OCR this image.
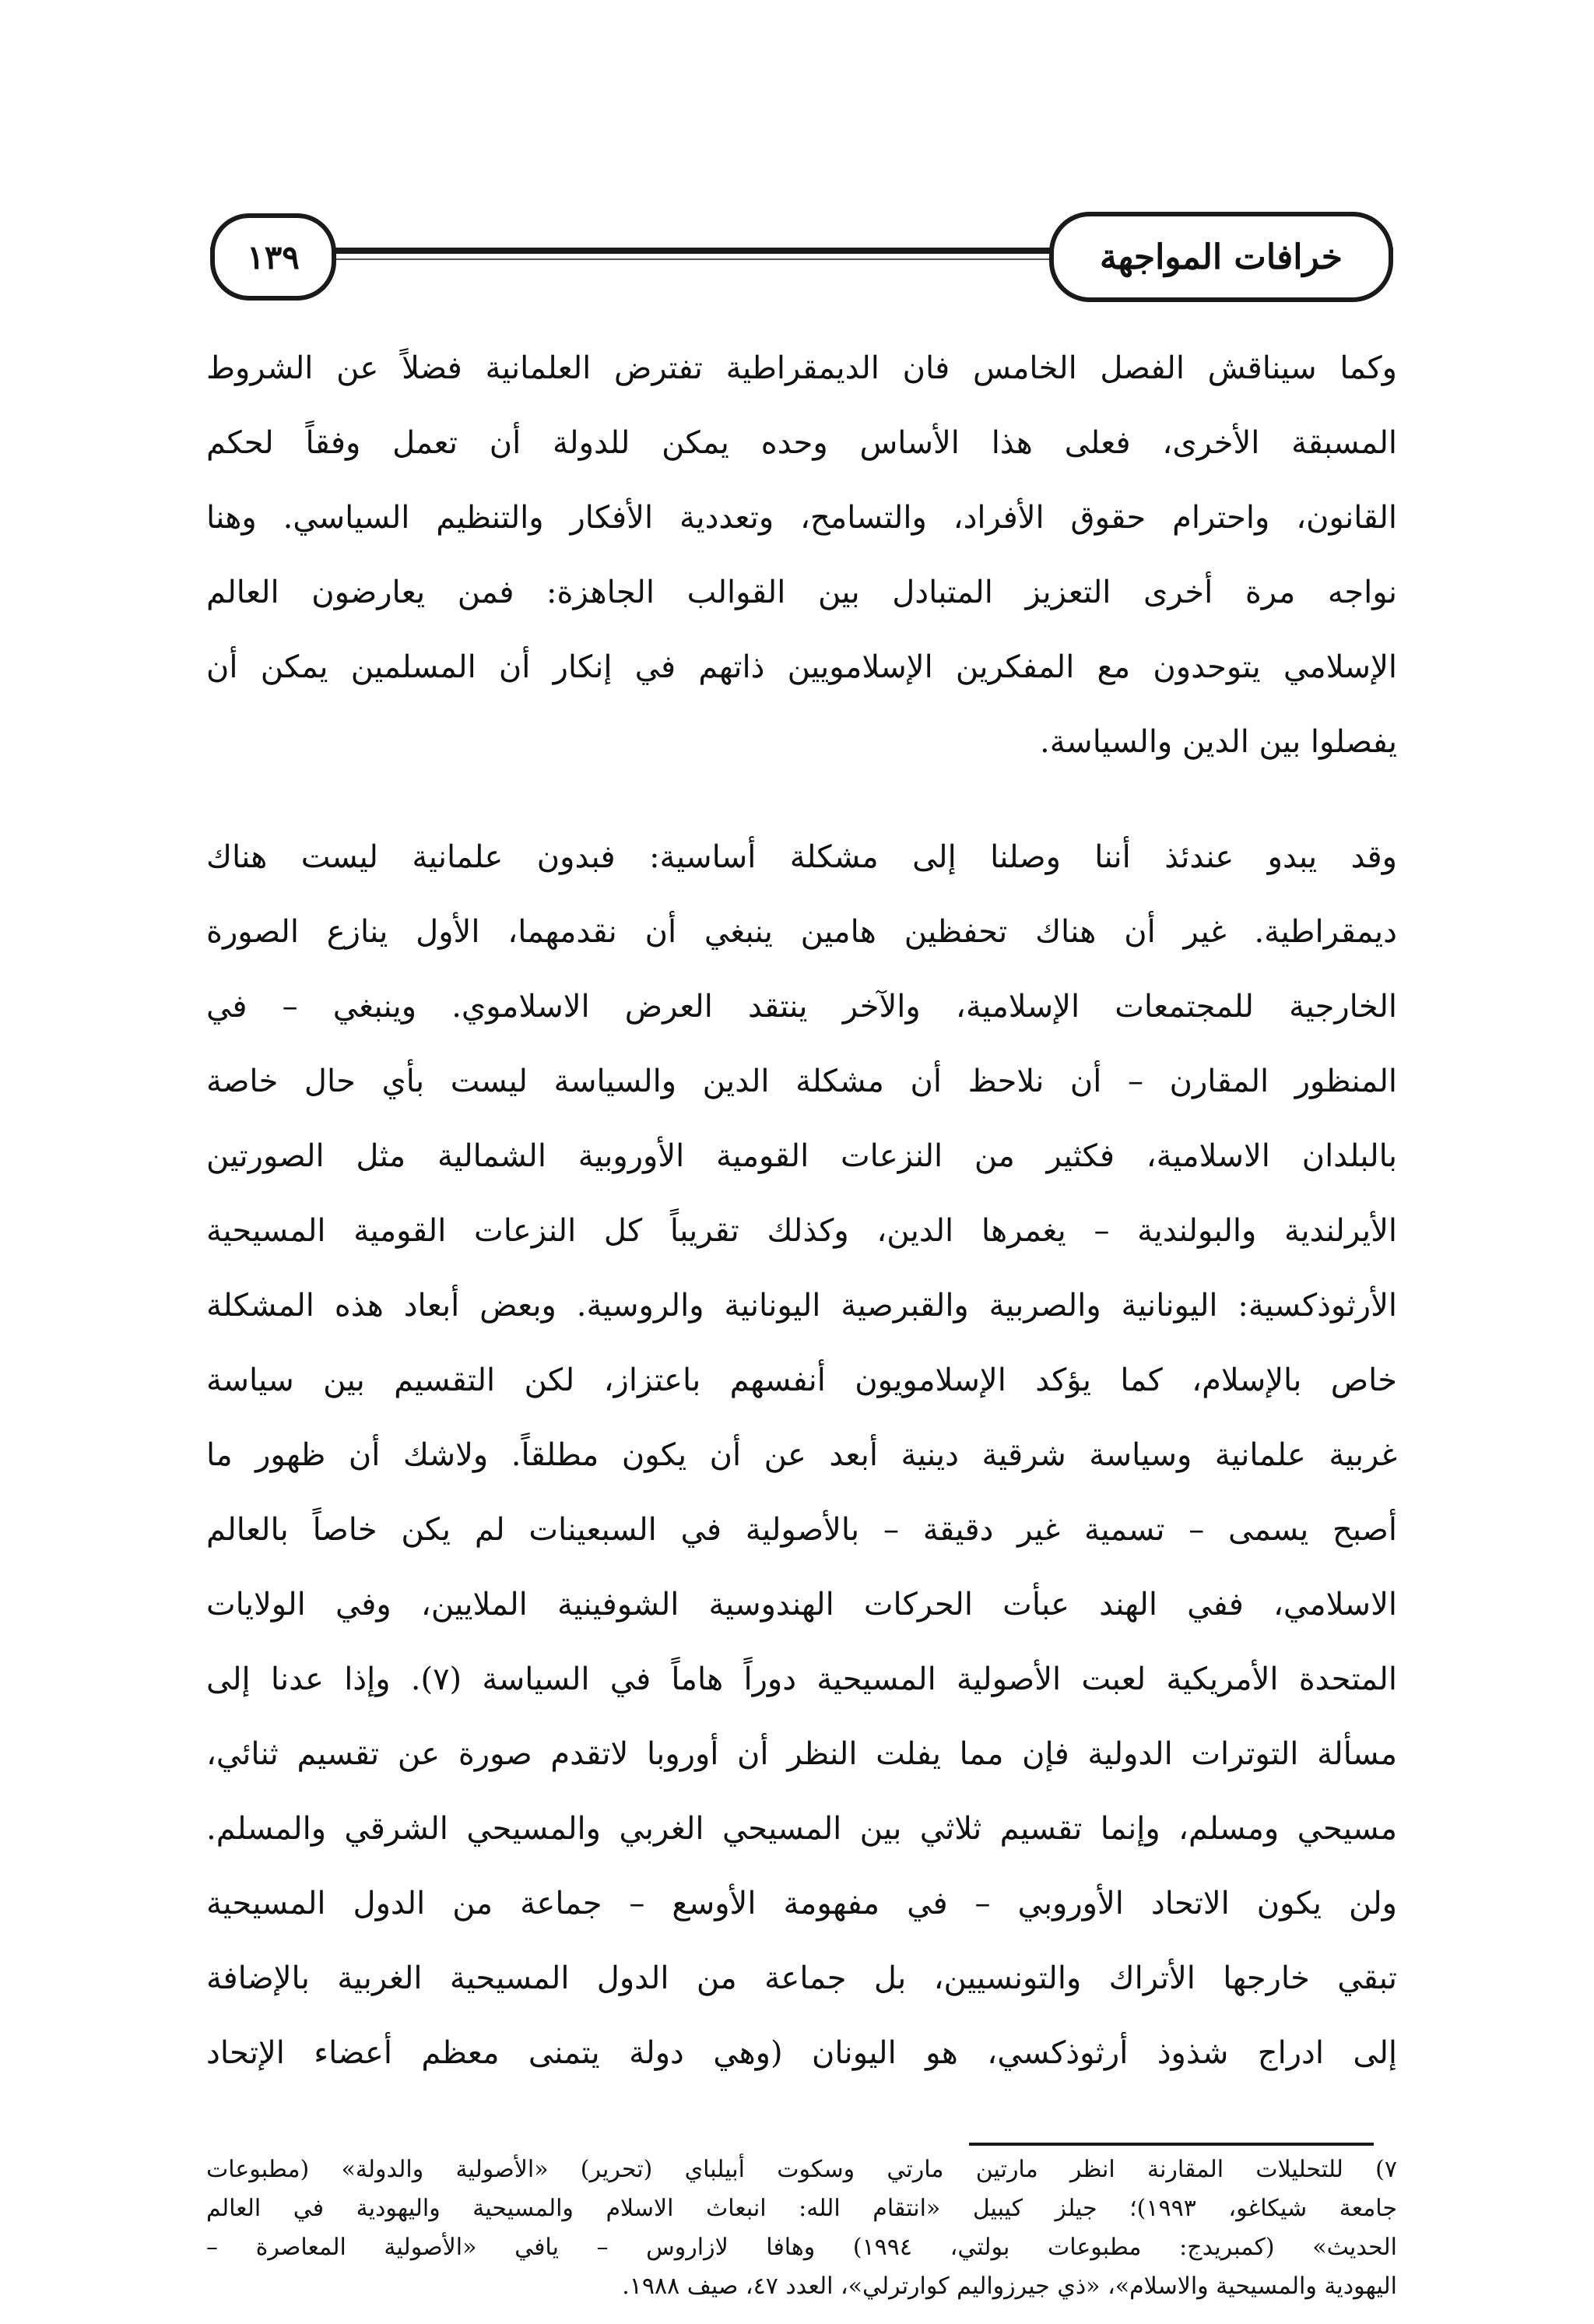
خرافات المواجهة
١٣٩

وكما سيناقش الفصل الخامس فان الديمقراطية تفترض العلمانية فضلاً عن الشروط

المسبقة الأخرى، فعلى هذا الأساس وحده يمكن للدولة أن تعمل وفقاً لحكم

القانون، واحترام حقوق الأفراد، والتسامح، وتعددية الأفكار والتنظيم السياسي. وهنا

نواجه مرة أخرى التعزيز المتبادل بين القوالب الجاهزة: فمن يعارضون العالم

الإسلامي يتوحدون مع المفكرين الإسلامويين ذاتهم في إنكار أن المسلمين يمكن أن

يفصلوا بين الدين والسياسة.

وقد يبدو عندئذ أننا وصلنا إلى مشكلة أساسية: فبدون علمانية ليست هناك

ديمقراطية. غير أن هناك تحفظين هامين ينبغي أن نقدمهما، الأول ينازع الصورة

الخارجية للمجتمعات الإسلامية، والآخر ينتقد العرض الاسلاموي. وينبغي – في

المنظور المقارن – أن نلاحظ أن مشكلة الدين والسياسة ليست بأي حال خاصة

بالبلدان الاسلامية، فكثير من النزعات القومية الأوروبية الشمالية مثل الصورتين

الأيرلندية والبولندية – يغمرها الدين، وكذلك تقريباً كل النزعات القومية المسيحية

الأرثوذكسية: اليونانية والصربية والقبرصية اليونانية والروسية. وبعض أبعاد هذه المشكلة

خاص بالإسلام، كما يؤكد الإسلامويون أنفسهم باعتزاز، لكن التقسيم بين سياسة

غربية علمانية وسياسة شرقية دينية أبعد عن أن يكون مطلقاً. ولاشك أن ظهور ما

أصبح يسمى – تسمية غير دقيقة – بالأصولية في السبعينات لم يكن خاصاً بالعالم

الاسلامي، ففي الهند عبأت الحركات الهندوسية الشوفينية الملايين، وفي الولايات

المتحدة الأمريكية لعبت الأصولية المسيحية دوراً هاماً في السياسة (٧). وإذا عدنا إلى

مسألة التوترات الدولية فإن مما يفلت النظر أن أوروبا لاتقدم صورة عن تقسيم ثنائي،

مسيحي ومسلم، وإنما تقسيم ثلاثي بين المسيحي الغربي والمسيحي الشرقي والمسلم.

ولن يكون الاتحاد الأوروبي – في مفهومة الأوسع – جماعة من الدول المسيحية

تبقي خارجها الأتراك والتونسيين، بل جماعة من الدول المسيحية الغربية بالإضافة

إلى ادراج شذوذ أرثوذكسي، هو اليونان (وهي دولة يتمنى معظم أعضاء الإتحاد

٧) للتحليلات المقارنة انظر مارتين مارتي وسكوت أبيلباي (تحرير) «الأصولية والدولة» (مطبوعات

جامعة شيكاغو، ١٩٩٣)؛ جيلز كيبيل «انتقام الله: انبعاث الاسلام والمسيحية واليهودية في العالم

الحديث» (كمبريدج: مطبوعات بولتي، ١٩٩٤) وهافا لازاروس – يافي «الأصولية المعاصرة –

اليهودية والمسيحية والاسلام»، «ذي جيرزواليم كوارترلي»، العدد ٤٧، صيف ١٩٨٨.
